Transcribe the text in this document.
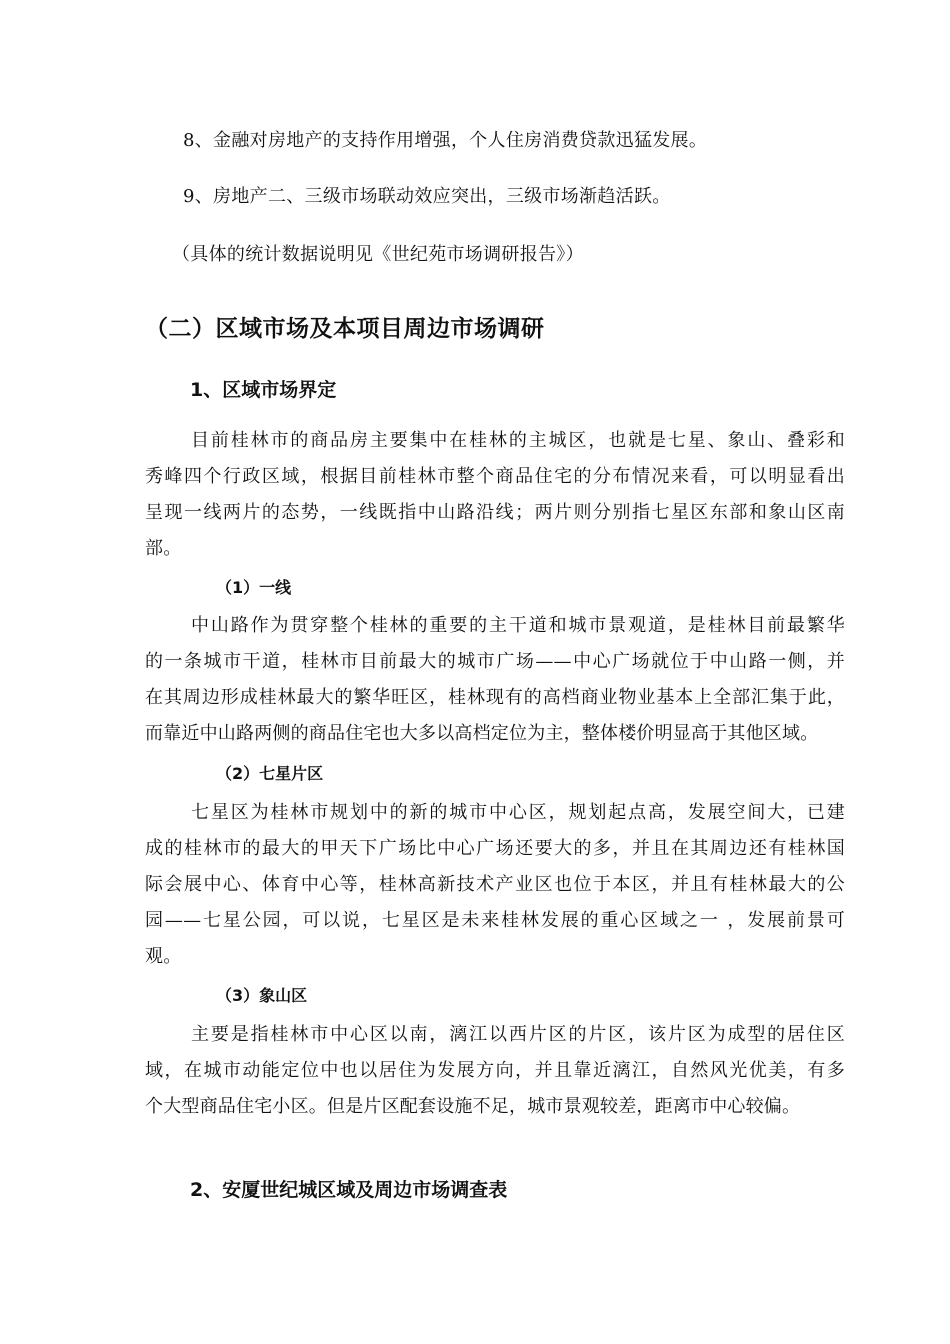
8、金融对房地产的支持作用增强，个人住房消费贷款迅猛发展。
9、房地产二、三级市场联动效应突出，三级市场渐趋活跃。
（具体的统计数据说明见《世纪苑市场调研报告》）
（二）区域市场及本项目周边市场调研
1、区域市场界定
目前桂林市的商品房主要集中在桂林的主城区，也就是七星、象山、叠彩和
秀峰四个行政区域，根据目前桂林市整个商品住宅的分布情况来看，可以明显看出
呈现一线两片的态势，一线既指中山路沿线；两片则分别指七星区东部和象山区南
部。
（1）一线
中山路作为贯穿整个桂林的重要的主干道和城市景观道，是桂林目前最繁华
的一条城市干道，桂林市目前最大的城市广场——中心广场就位于中山路一侧，并
在其周边形成桂林最大的繁华旺区，桂林现有的高档商业物业基本上全部汇集于此，
而靠近中山路两侧的商品住宅也大多以高档定位为主，整体楼价明显高于其他区域。
（2）七星片区
七星区为桂林市规划中的新的城市中心区，规划起点高，发展空间大，已建
成的桂林市的最大的甲天下广场比中心广场还要大的多，并且在其周边还有桂林国
际会展中心、体育中心等，桂林高新技术产业区也位于本区，并且有桂林最大的公
园——七星公园，可以说，七星区是未来桂林发展的重心区域之一 ，发展前景可
观。
（3）象山区
主要是指桂林市中心区以南，漓江以西片区的片区，该片区为成型的居住区
域，在城市动能定位中也以居住为发展方向，并且靠近漓江，自然风光优美，有多
个大型商品住宅小区。但是片区配套设施不足，城市景观较差，距离市中心较偏。
2、安厦世纪城区域及周边市场调查表
